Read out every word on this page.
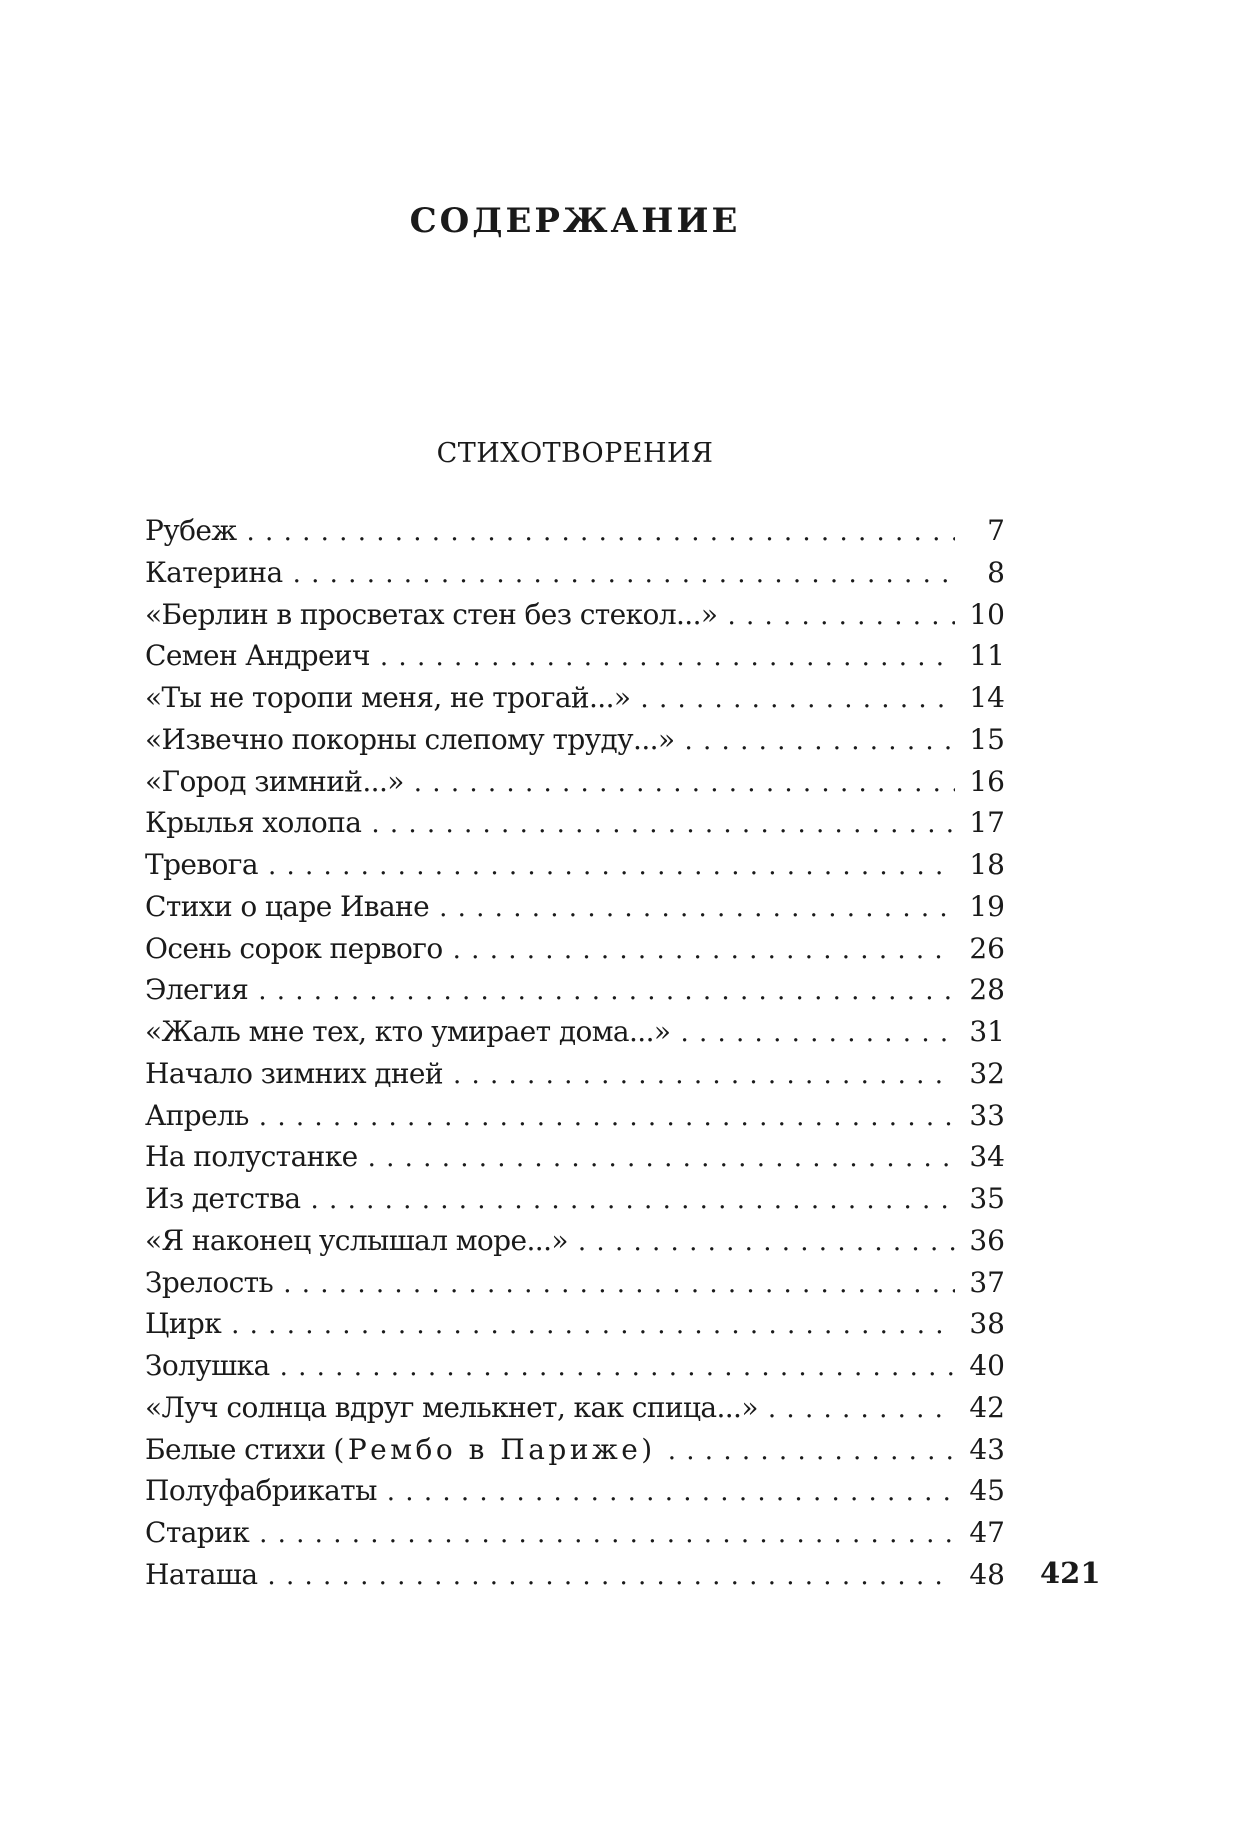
СОДЕРЖАНИЕ
СТИХОТВОРЕНИЯ
Рубеж . . .	7
Катерина . . .	8
«Берлин в просветах стен без стекол...» . . .	10
Семен Андреич . . .	11
«Ты не торопи меня, не трогай...» . . .	14
«Извечно покорны слепому труду...» . . .	15
«Город зимний...» . . .	16
Крылья холопа . . .	17
Тревога . . .	18
Стихи о царе Иване . . .	19
Осень сорок первого . . .	26
Элегия . . .	28
«Жаль мне тех, кто умирает дома...» . . .	31
Начало зимних дней . . .	32
Апрель . . .	33
На полустанке . . .	34
Из детства . . .	35
«Я наконец услышал море...» . . .	36
Зрелость . . .	37
Цирк . . .	38
Золушка . . .	40
«Луч солнца вдруг мелькнет, как спица...» . . .	42
Белые стихи (Рембо в Париже) . . .	43
Полуфабрикаты . . .	45
Старик . . .	47
Наташа . . .	48 421
